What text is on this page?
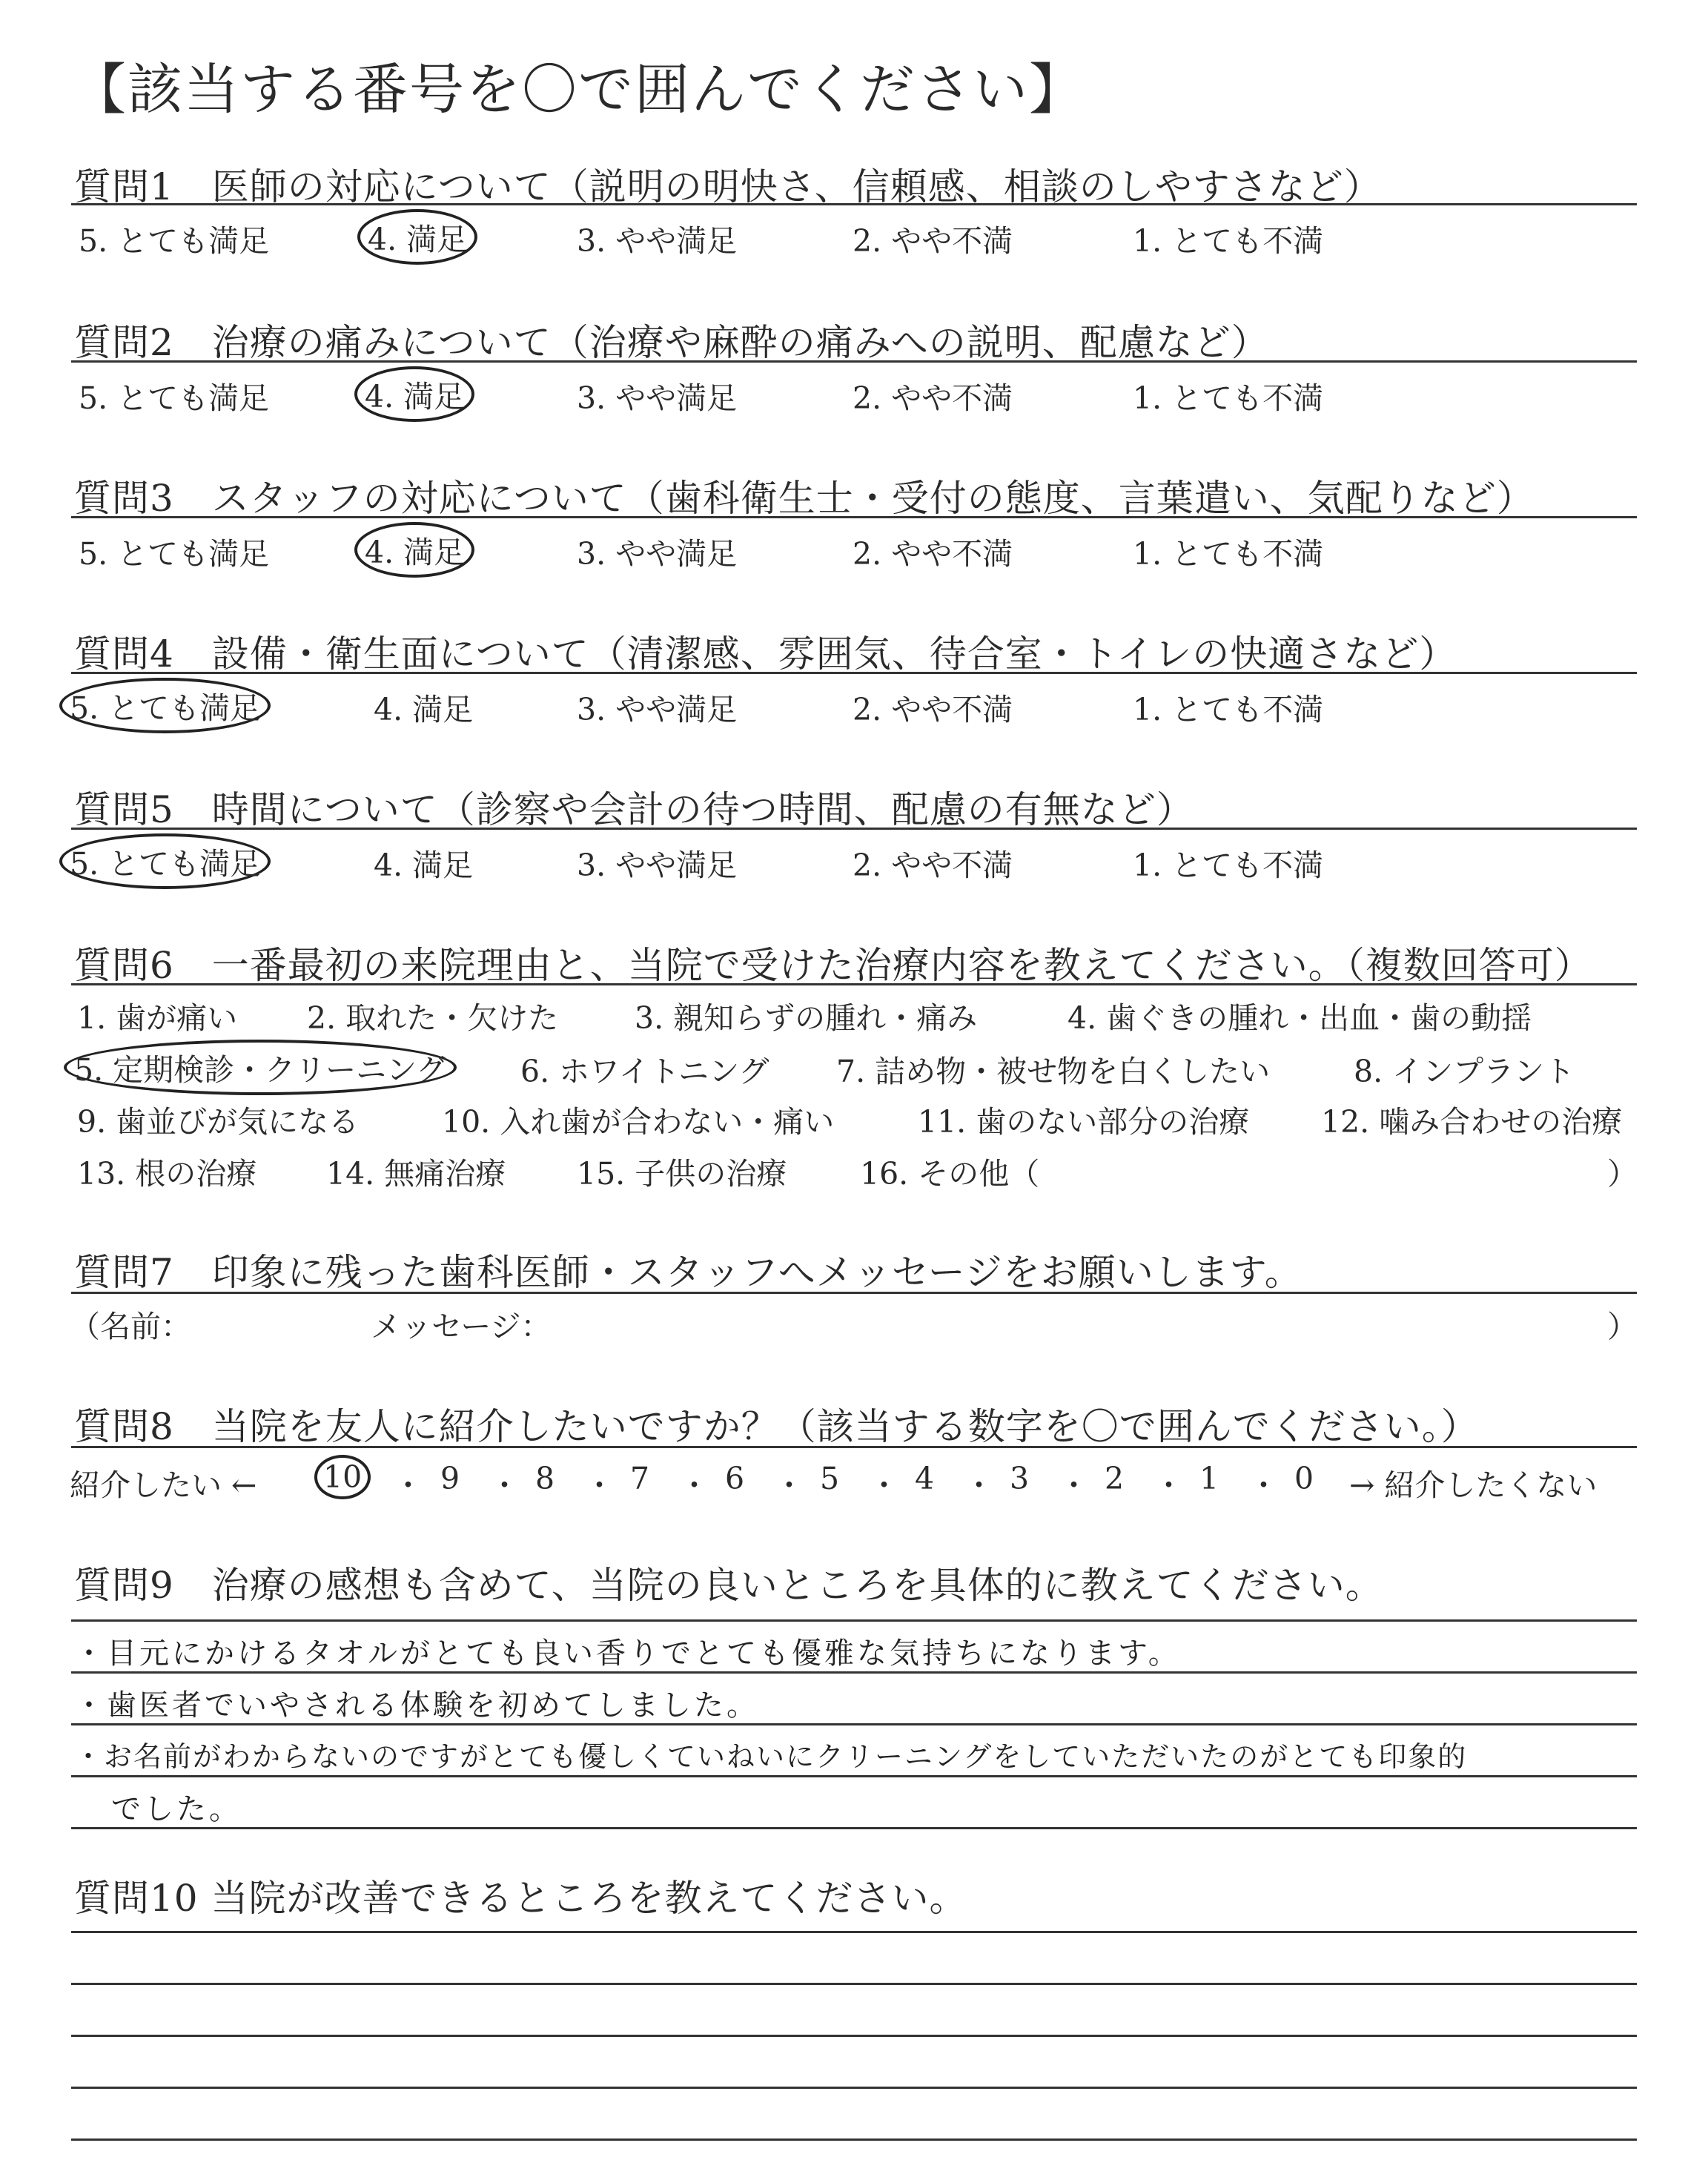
【該当する番号を〇で囲んでください】
質問1　医師の対応について（説明の明快さ、信頼感、相談のしやすさなど）
5. とても満足	4. 満足	3. やや満足	2. やや不満	1. とても不満
質問2　治療の痛みについて（治療や麻酔の痛みへの説明、配慮など）
5. とても満足	4. 満足	3. やや満足	2. やや不満	1. とても不満
質問3　スタッフの対応について（歯科衛生士・受付の態度、言葉遣い、気配りなど）
5. とても満足	4. 満足	3. やや満足	2. やや不満	1. とても不満
質問4　設備・衛生面について（清潔感、雰囲気、待合室・トイレの快適さなど）
5. とても満足	4. 満足	3. やや満足	2. やや不満	1. とても不満
質問5　時間について（診察や会計の待つ時間、配慮の有無など）
5. とても満足	4. 満足	3. やや満足	2. やや不満	1. とても不満
質問6　一番最初の来院理由と、当院で受けた治療内容を教えてください。（複数回答可）
1. 歯が痛い 2. 取れた・欠けた	3. 親知らずの腫れ・痛み	4. 歯ぐきの腫れ・出血・歯の動揺
5. 定期検診・クリーニング	6. ホワイトニング 7. 詰め物・被せ物を白くしたい	8. インプラント
9. 歯並びが気になる	10. 入れ歯が合わない・痛い	11. 歯のない部分の治療 12. 噛み合わせの治療
13. 根の治療 14. 無痛治療 15. 子供の治療 16. その他（	）
質問7　印象に残った歯科医師・スタッフへメッセージをお願いします。
（名前：	メッセージ：	）
質問8　当院を友人に紹介したいですか？（該当する数字を〇で囲んでください。）
紹介したい ← 10 ・ 9 ・ 8 ・ 7 ・ 6 ・ 5 ・ 4 ・ 3 ・ 2 ・ 1 ・ 0 → 紹介したくない
質問9　治療の感想も含めて、当院の良いところを具体的に教えてください。
・目元にかけるタオルがとても良い香りでとても優雅な気持ちになります。
・歯医者でいやされる体験を初めてしました。
・お名前がわからないのですがとても優しくていねいにクリーニングをしていただいたのがとても印象的
でした。
質問10 当院が改善できるところを教えてください。
